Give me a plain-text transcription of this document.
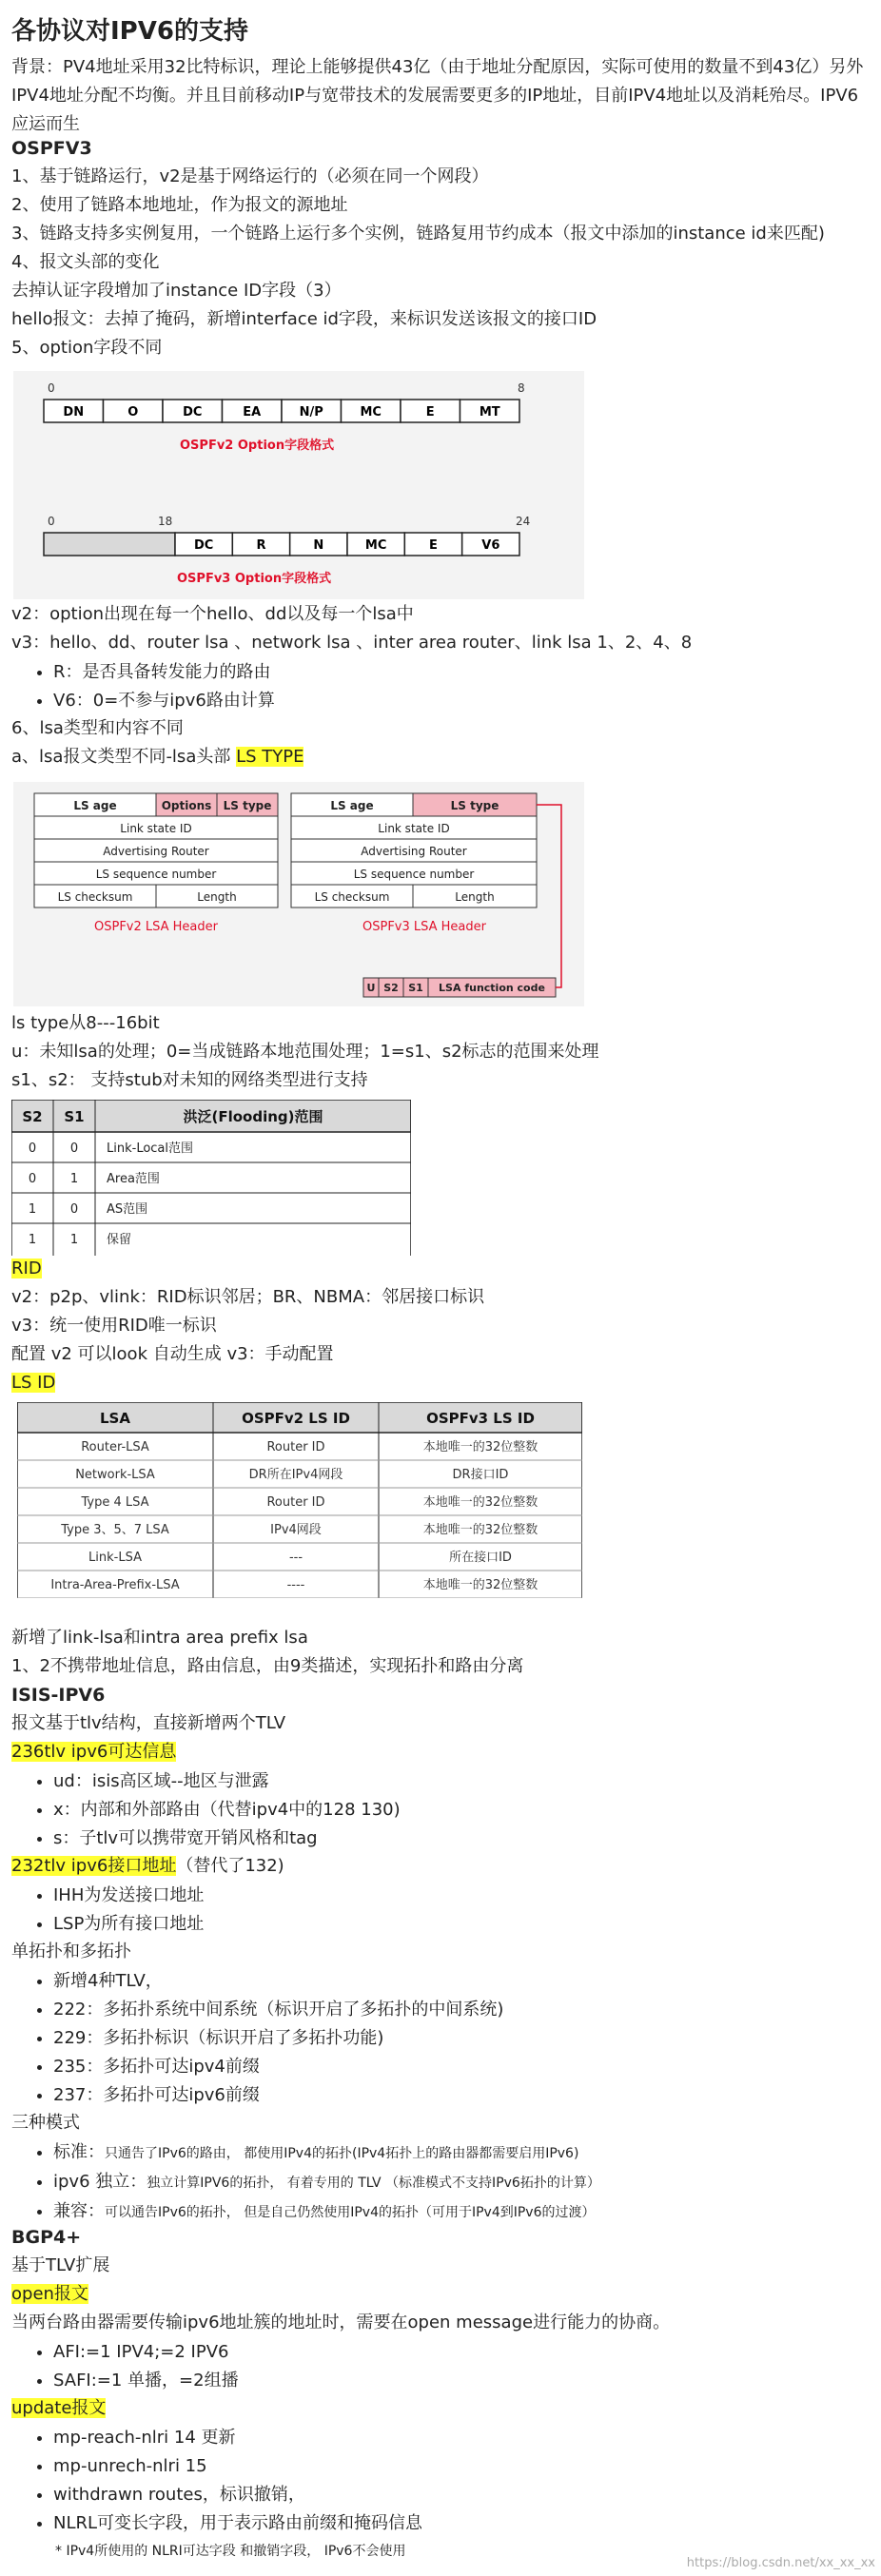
各协议对IPV6的支持
背景：PV4地址采用32比特标识，理论上能够提供43亿（由于地址分配原因，实际可使用的数量不到43亿）另外IPV4地址分配不均衡。并且目前移动IP与宽带技术的发展需要更多的IP地址，目前IPV4地址以及消耗殆尽。IPV6应运而生
OSPFV3
1、基于链路运行，v2是基于网络运行的（必须在同一个网段）
2、使用了链路本地地址，作为报文的源地址
3、链路支持多实例复用，一个链路上运行多个实例，链路复用节约成本（报文中添加的instance id来匹配)
4、报文头部的变化
去掉认证字段增加了instance ID字段（3）
hello报文：去掉了掩码，新增interface id字段，来标识发送该报文的接口ID
5、option字段不同
0	8
DN	O	DC	EA	N/P	MC	E	MT
OSPFv2 Option字段格式
0	18	24
DC	R	N	MC	E	V6
OSPFv3 Option字段格式
v2：option出现在每一个hello、dd以及每一个lsa中
v3：hello、dd、router lsa 、network lsa 、inter area router、link lsa 1、2、4、8
• R：是否具备转发能力的路由
• V6：0=不参与ipv6路由计算
6、lsa类型和内容不同
a、lsa报文类型不同-lsa头部 LS TYPE
LS age	Options LS type
Link state ID
Advertising Router
LS sequence number
LS checksum	Length
LS age	LS type
Link state ID
Advertising Router
LS sequence number
LS checksum	Length
U S2 S1 LSA function code
OSPFv2 LSA Header	OSPFv3 LSA Header
ls type从8---16bit
u：未知lsa的处理；0=当成链路本地范围处理；1=s1、s2标志的范围来处理
s1、s2： 支持stub对未知的网络类型进行支持
S2 S1	洪泛(Flooding)范围
0	0 Link-Local范围
0	1 Area范围
1	0 AS范围
1	1 保留
RID
v2：p2p、vlink：RID标识邻居；BR、NBMA：邻居接口标识
v3：统一使用RID唯一标识
配置 v2 可以look 自动生成 v3：手动配置
LS ID
LSA	OSPFv2 LS ID	OSPFv3 LS ID
Router-LSA	Router ID	本地唯一的32位整数
Network-LSA	DR所在IPv4网段	DR接口ID
Type 4 LSA	Router ID	本地唯一的32位整数
Type 3、5、7 LSA	IPv4网段	本地唯一的32位整数
Link-LSA	---	所在接口ID
Intra-Area-Prefix-LSA	----	本地唯一的32位整数
新增了link-lsa和intra area prefix lsa
1、2不携带地址信息，路由信息，由9类描述，实现拓扑和路由分离
ISIS-IPV6
报文基于tlv结构，直接新增两个TLV
236tlv ipv6可达信息
• ud：isis高区域--地区与泄露
• x：内部和外部路由（代替ipv4中的128 130)
• s：子tlv可以携带宽开销风格和tag
232tlv ipv6接口地址（替代了132)
• IHH为发送接口地址
• LSP为所有接口地址
单拓扑和多拓扑
• 新增4种TLV，
• 222：多拓扑系统中间系统（标识开启了多拓扑的中间系统)
• 229：多拓扑标识（标识开启了多拓扑功能)
• 235：多拓扑可达ipv4前缀
• 237：多拓扑可达ipv6前缀
三种模式
• 标准：只通告了IPv6的路由， 都使用IPv4的拓扑(IPv4拓扑上的路由器都需要启用IPv6)
• ipv6 独立：独立计算IPV6的拓扑， 有着专用的 TLV （标准模式不支持IPv6拓扑的计算）
• 兼容：可以通告IPv6的拓扑， 但是自己仍然使用IPv4的拓扑（可用于IPv4到IPv6的过渡）
BGP4+
基于TLV扩展
open报文
当两台路由器需要传输ipv6地址簇的地址时，需要在open message进行能力的协商。
• AFI:=1 IPV4;=2 IPV6
• SAFI:=1 单播，=2组播
update报文
• mp-reach-nlri 14 更新
• mp-unrech-nlri 15
• withdrawn routes，标识撤销，
• NLRL可变长字段，用于表示路由前缀和掩码信息
* IPv4所使用的 NLRI可达字段 和撤销字段， IPv6不会使用
https://blog.csdn.net/xx_xx_xx
